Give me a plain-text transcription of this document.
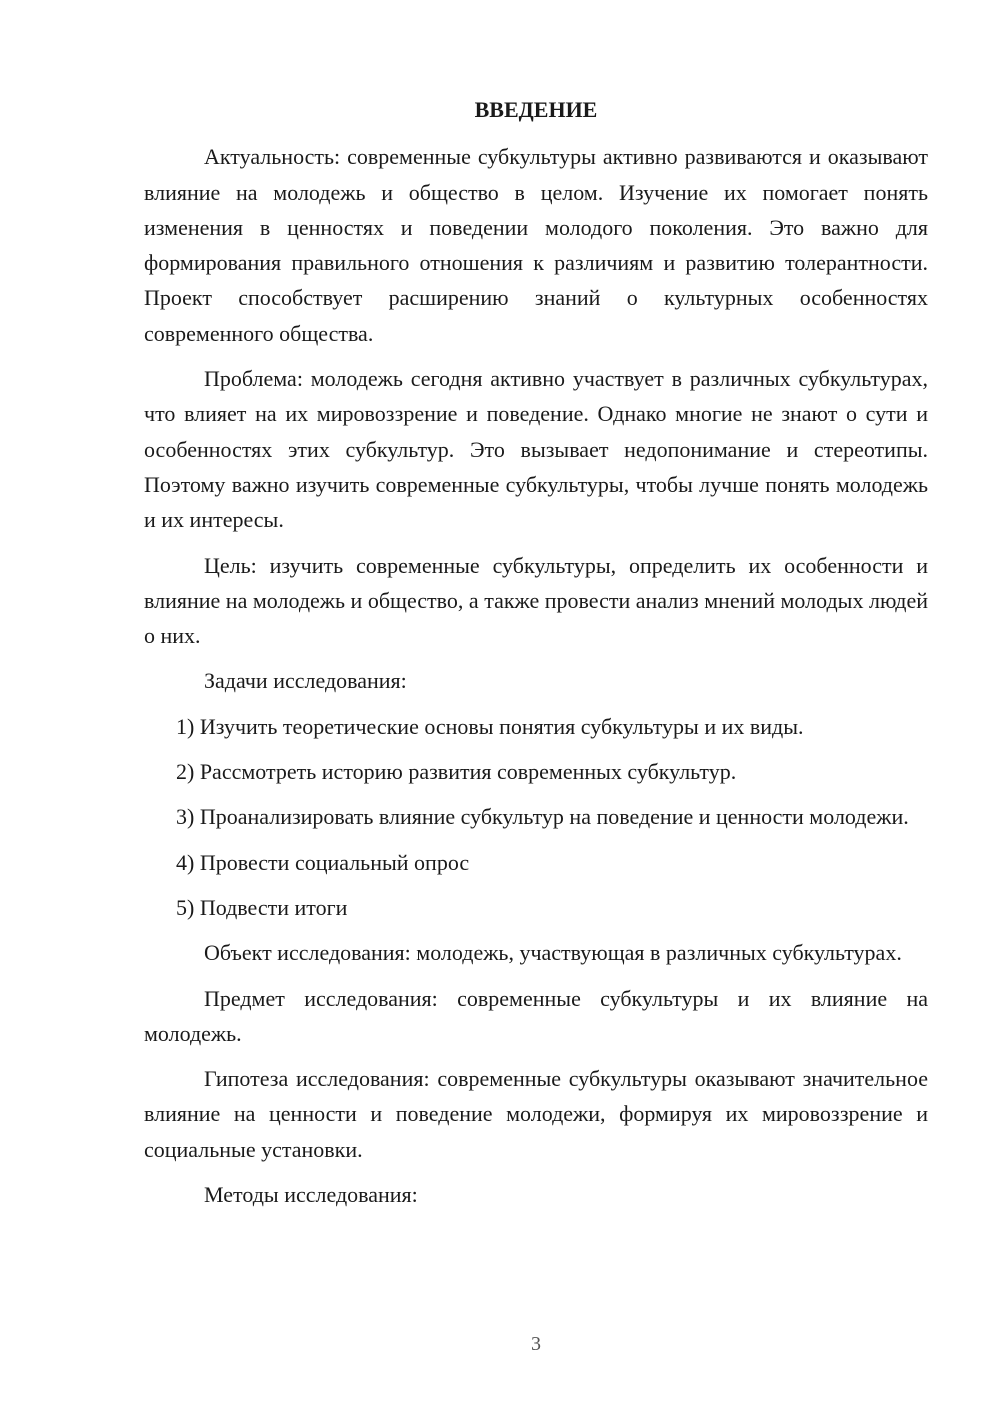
ВВЕДЕНИЕ

Актуальность: современные субкультуры активно развиваются и оказывают влияние на молодежь и общество в целом. Изучение их помогает понять изменения в ценностях и поведении молодого поколения. Это важно для формирования правильного отношения к различиям и развитию толерантности. Проект способствует расширению знаний о культурных особенностях современного общества.

Проблема: молодежь сегодня активно участвует в различных субкультурах, что влияет на их мировоззрение и поведение. Однако многие не знают о сути и особенностях этих субкультур. Это вызывает недопонимание и стереотипы. Поэтому важно изучить современные субкультуры, чтобы лучше понять молодежь и их интересы.

Цель: изучить современные субкультуры, определить их особенности и влияние на молодежь и общество, а также провести анализ мнений молодых людей о них.

Задачи исследования:

1) Изучить теоретические основы понятия субкультуры и их виды.

2) Рассмотреть историю развития современных субкультур.

3) Проанализировать влияние субкультур на поведение и ценности молодежи.

4) Провести социальный опрос

5) Подвести итоги

Объект исследования: молодежь, участвующая в различных субкультурах.

Предмет исследования: современные субкультуры и их влияние на молодежь.

Гипотеза исследования: современные субкультуры оказывают значительное влияние на ценности и поведение молодежи, формируя их мировоззрение и социальные установки.

Методы исследования:

3
